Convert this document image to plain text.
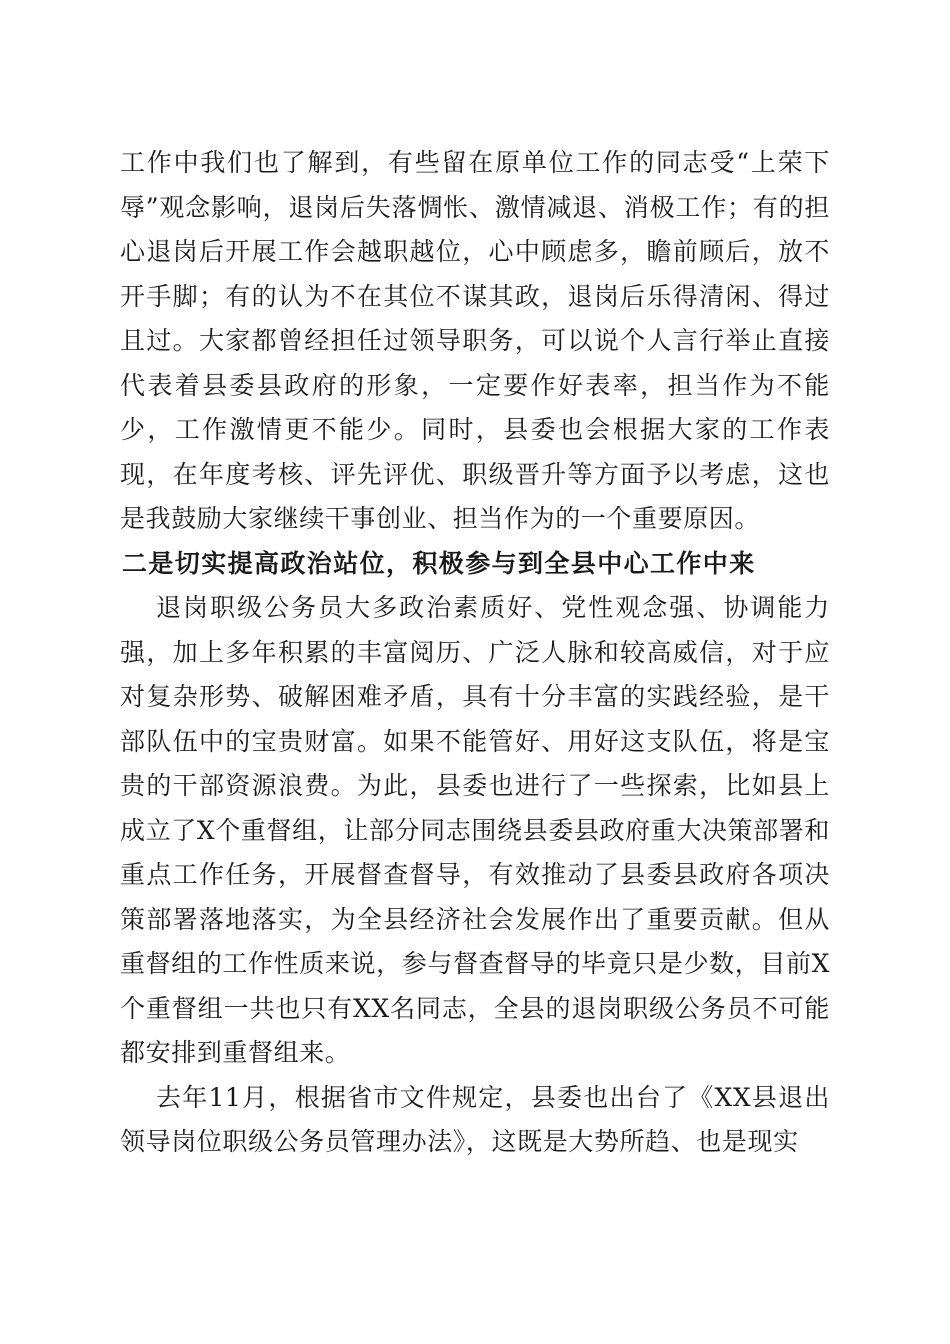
工作中我们也了解到，有些留在原单位工作的同志受“上荣下辱”观念影响，退岗后失落惆怅、激情减退、消极工作；有的担心退岗后开展工作会越职越位，心中顾虑多，瞻前顾后，放不开手脚；有的认为不在其位不谋其政，退岗后乐得清闲、得过且过。大家都曾经担任过领导职务，可以说个人言行举止直接代表着县委县政府的形象，一定要作好表率，担当作为不能少，工作激情更不能少。同时，县委也会根据大家的工作表现，在年度考核、评先评优、职级晋升等方面予以考虑，这也是我鼓励大家继续干事创业、担当作为的一个重要原因。

二是切实提高政治站位，积极参与到全县中心工作中来

退岗职级公务员大多政治素质好、党性观念强、协调能力强，加上多年积累的丰富阅历、广泛人脉和较高威信，对于应对复杂形势、破解困难矛盾，具有十分丰富的实践经验，是干部队伍中的宝贵财富。如果不能管好、用好这支队伍，将是宝贵的干部资源浪费。为此，县委也进行了一些探索，比如县上成立了X个重督组，让部分同志围绕县委县政府重大决策部署和重点工作任务，开展督查督导，有效推动了县委县政府各项决策部署落地落实，为全县经济社会发展作出了重要贡献。但从重督组的工作性质来说，参与督查督导的毕竟只是少数，目前X个重督组一共也只有XX名同志，全县的退岗职级公务员不可能都安排到重督组来。

去年11月，根据省市文件规定，县委也出台了《XX县退出领导岗位职级公务员管理办法》，这既是大势所趋、也是现实
